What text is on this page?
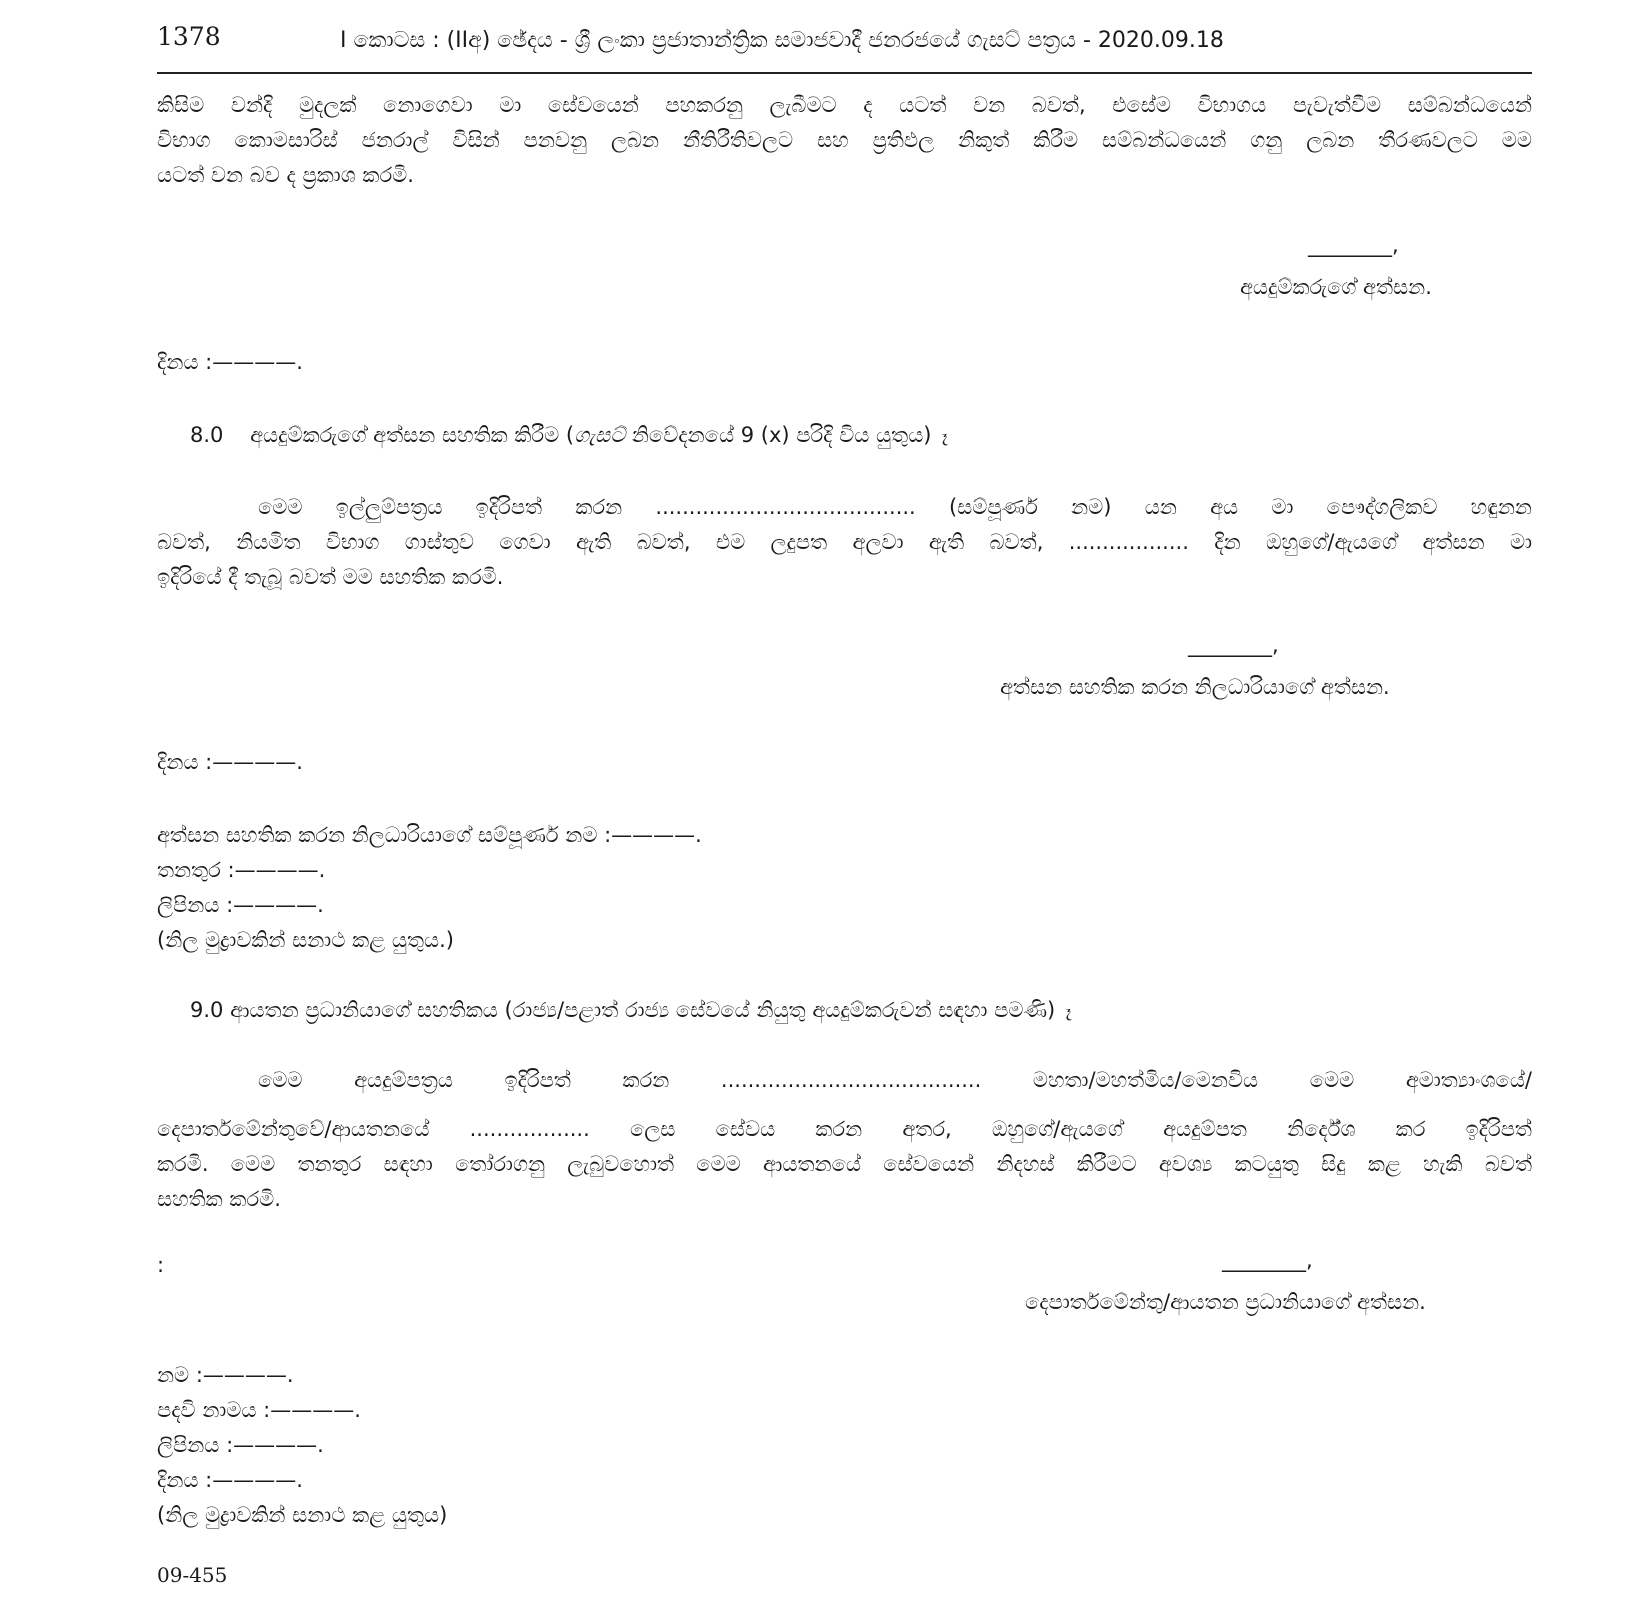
1378	I කොටස : (IIඅ) ඡේදය - ශ්‍රී ලංකා ප්‍රජාතාන්ත්‍රික සමාජවාදී ජනරජයේ ගැසට් පත්‍රය - 2020.09.18
කිසිම වන්දි මුදලක් නොගෙවා මා සේවයෙන් පහකරනු ලැබීමට ද යටත් වන බවත්, එසේම විභාගය පැවැත්වීම සම්බන්ධයෙන්
විභාග කොමසාරිස් ජනරාල් විසින් පනවනු ලබන නීතිරීතිවලට සහ ප්‍රතිඵල නිකුත් කිරීම සම්බන්ධයෙන් ගනු ලබන තීරණවලට මම
යටත් වන බව ද ප්‍රකාශ කරමි.
________,
අයදුම්කරුගේ අත්සන.
දිනය :————.
8.0 අයදුම්කරුගේ අත්සන සහතික කිරීම (ගැසට් නිවේදනයේ 9 (x) පරිදි විය යුතුය) ෑ
මෙම ඉල්ලුම්පත්‍රය ඉදිරිපත් කරන ....................................... (සම්පූර්ණ නම) යන අය මා පෞද්ගලිකව හඳුනන
බවත්, නියමිත විභාග ගාස්තුව ගෙවා ඇති බවත්, එම ලදුපත අලවා ඇති බවත්, .................. දින ඔහුගේ/ඇයගේ අත්සන මා
ඉදිරියේ දී තැබූ බවත් මම සහතික කරමි.
________,
අත්සන සහතික කරන නිලධාරියාගේ අත්සන.
දිනය :————.
අත්සන සහතික කරන නිලධාරියාගේ සම්පූර්ණ නම :————.
තනතුර :————.
ලිපිනය :————.
(නිල මුද්‍රාවකින් සනාථ කළ යුතුය.)
9.0 ආයතන ප්‍රධානියාගේ සහතිකය (රාජ්‍ය/පළාත් රාජ්‍ය සේවයේ නියුතු අයදුම්කරුවන් සඳහා පමණි) ෑ
මෙම අයදුම්පත්‍රය ඉදිරිපත් කරන ....................................... මහතා/මහත්මිය/මෙනවිය මෙම අමාත්‍යාංශයේ/
දෙපාර්තමේන්තුවේ/ආයතනයේ .................. ලෙස සේවය කරන අතර, ඔහුගේ/ඇයගේ අයදුම්පත නිර්දේශ කර ඉදිරිපත්
කරමි. මෙම තනතුර සඳහා තෝරාගනු ලැබුවහොත් මෙම ආයතනයේ සේවයෙන් නිදහස් කිරීමට අවශ්‍ය කටයුතු සිදු කළ හැකි බවත්
සහතික කරමි.
:	________,
දෙපාර්තමේන්තු/ආයතන ප්‍රධානියාගේ අත්සන.
නම :————.
පදවි නාමය :————.
ලිපිනය :————.
දිනය :————.
(නිල මුද්‍රාවකින් සනාථ කළ යුතුය)
09-455
